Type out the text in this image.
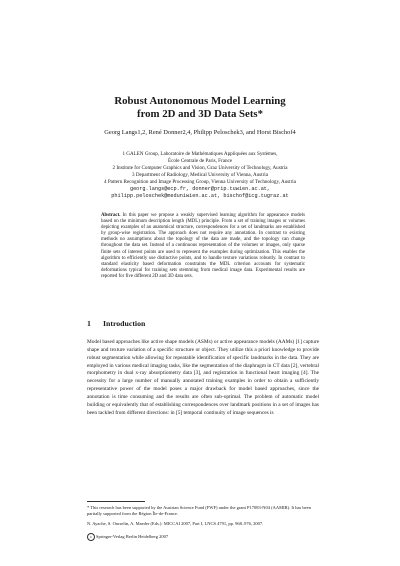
Robust Autonomous Model Learning
from 2D and 3D Data Sets*
Georg Langs1,2, René Donner2,4, Philipp Peloschek3, and Horst Bischof4
1 GALEN Group, Laboratoire de Mathématiques Appliquées aux Systèmes,
École Centrale de Paris, France
2 Institute for Computer Graphics and Vision, Graz University of Technology, Austria
3 Department of Radiology, Medical University of Vienna, Austria
4 Pattern Recognition and Image Processing Group, Vienna University of Technology, Austria
georg.langs@ecp.fr, donner@prip.tuwien.ac.at,
philipp.peloschek@meduniwien.ac.at, bischof@icg.tugraz.at

Abstract. In this paper we propose a weakly supervised learning algorithm for appearance models based on the minimum description length (MDL) principle. From a set of training images or volumes depicting examples of an anatomical structure, correspondences for a set of landmarks are established by group-wise registration. The approach does not require any annotation. In contrast to existing methods no assumptions about the topology of the data are made, and the topology can change throughout the data set. Instead of a continuous representation of the volumes or images, only sparse finite sets of interest points are used to represent the examples during optimization. This enables the algorithm to efficiently use distinctive points, and to handle texture variations robustly. In contrast to standard elasticity based deformation constraints the MDL criterion accounts for systematic deformations typical for training sets stemming from medical image data. Experimental results are reported for five different 2D and 3D data sets.

1 Introduction

Model based approaches like active shape models (ASMs) or active appearance models (AAMs) [1] capture shape and texture variation of a specific structure or object. They utilize this a priori knowledge to provide robust segmentation while allowing for repeatable identification of specific landmarks in the data. They are employed in various medical imaging tasks, like the segmentation of the diaphragm in CT data [2], vertebral morphometry in dual x-ray absorptiometry data [3], and registration in functional heart imaging [4]. The necessity for a large number of manually annotated training examples in order to obtain a sufficiently representative power of the model poses a major drawback for model based approaches, since the annotation is time consuming and the results are often sub-optimal. The problem of automatic model building or equivalently that of establishing correspondences over landmark positions in a set of images has been tackled from different directions: in [5] temporal continuity of image sequences is

* This research has been supported by the Austrian Science Fund (FWF) under the grant P17083-N04 (AAMIR). It has been partially supported from the Région Île-de-France.
N. Ayache, S. Ourselin, A. Maeder (Eds.): MICCAI 2007, Part I, LNCS 4791, pp. 968–976, 2007.
c Springer-Verlag Berlin Heidelberg 2007
